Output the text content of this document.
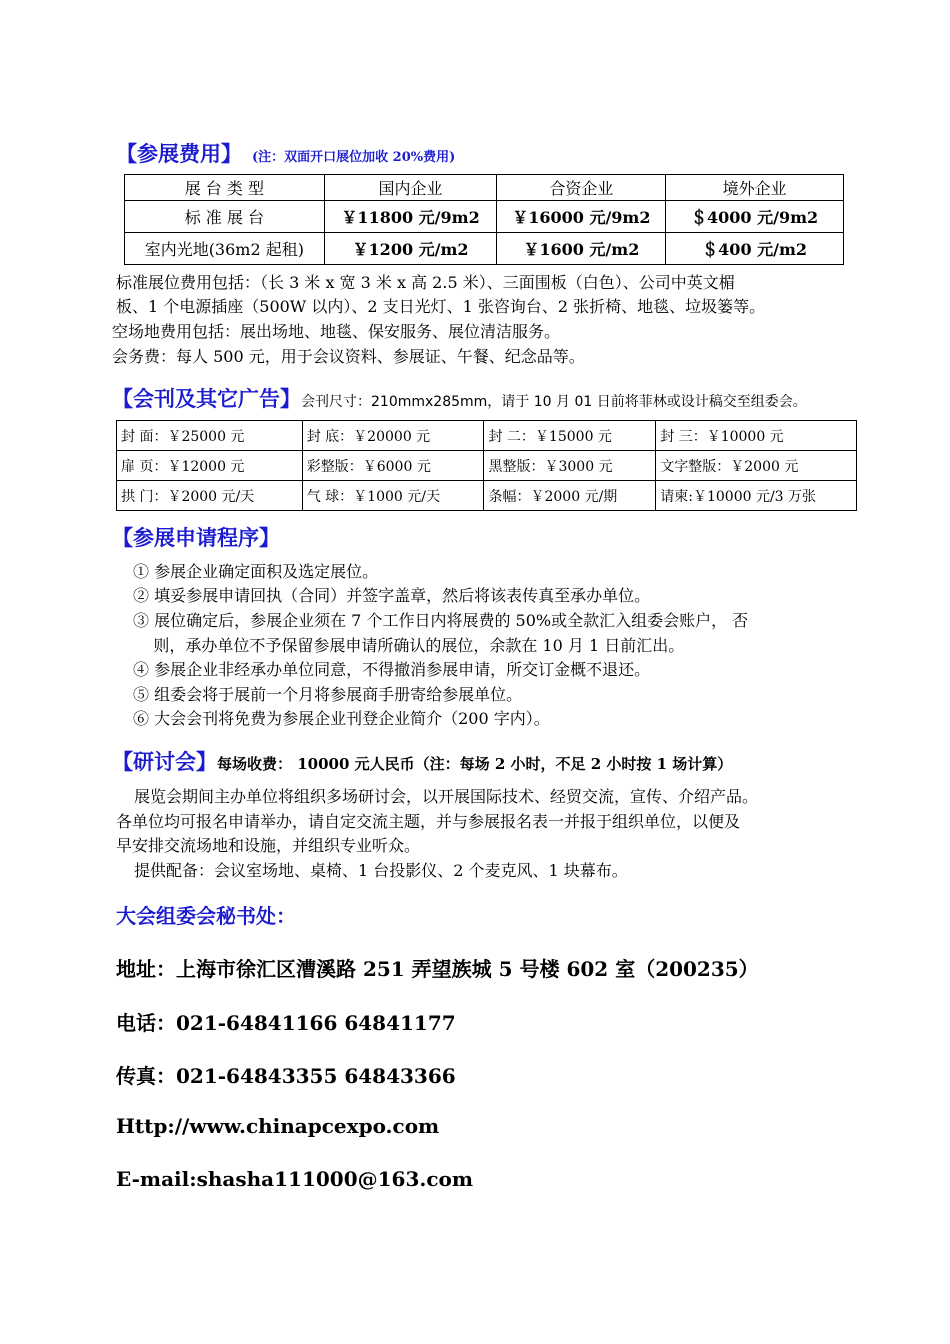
【参展费用】 (注：双面开口展位加收 20%费用)
展 台 类 型	国内企业	合资企业	境外企业
标 准 展 台	￥11800 元/9m2	￥16000 元/9m2	＄4000 元/9m2
室内光地(36m2 起租)	￥1200 元/m2	￥1600 元/m2	＄400 元/m2
标准展位费用包括：（长 3 米 x 宽 3 米 x 高 2.5 米）、三面围板（白色）、公司中英文楣
板、1 个电源插座（500W 以内）、2 支日光灯、1 张咨询台、2 张折椅、地毯、垃圾篓等。
空场地费用包括：展出场地、地毯、保安服务、展位清洁服务。
会务费：每人 500 元，用于会议资料、参展证、午餐、纪念品等。
【会刊及其它广告】会刊尺寸：210mmx285mm，请于 10 月 01 日前将菲林或设计稿交至组委会。
封 面：￥25000 元	封 底：￥20000 元	封 二：￥15000 元	封 三：￥10000 元
扉 页：￥12000 元	彩整版：￥6000 元	黑整版：￥3000 元	文字整版：￥2000 元
拱 门：￥2000 元/天	气 球：￥1000 元/天	条幅：￥2000 元/期	请柬:￥10000 元/3 万张
【参展申请程序】
① 参展企业确定面积及选定展位。
② 填妥参展申请回执（合同）并签字盖章，然后将该表传真至承办单位。
③ 展位确定后，参展企业须在 7 个工作日内将展费的 50%或全款汇入组委会账户， 否
则，承办单位不予保留参展申请所确认的展位，余款在 10 月 1 日前汇出。
④ 参展企业非经承办单位同意，不得撤消参展申请，所交订金概不退还。
⑤ 组委会将于展前一个月将参展商手册寄给参展单位。
⑥ 大会会刊将免费为参展企业刊登企业简介（200 字内）。
【研讨会】每场收费： 10000 元人民币（注：每场 2 小时，不足 2 小时按 1 场计算）
展览会期间主办单位将组织多场研讨会，以开展国际技术、经贸交流，宣传、介绍产品。
各单位均可报名申请举办，请自定交流主题，并与参展报名表一并报于组织单位，以便及
早安排交流场地和设施，并组织专业听众。
提供配备：会议室场地、桌椅、1 台投影仪、2 个麦克风、1 块幕布。
大会组委会秘书处：
地址：上海市徐汇区漕溪路 251 弄望族城 5 号楼 602 室（200235）
电话：021-64841166 64841177
传真：021-64843355 64843366
Http://www.chinapcexpo.com
E-mail:shasha111000@163.com
